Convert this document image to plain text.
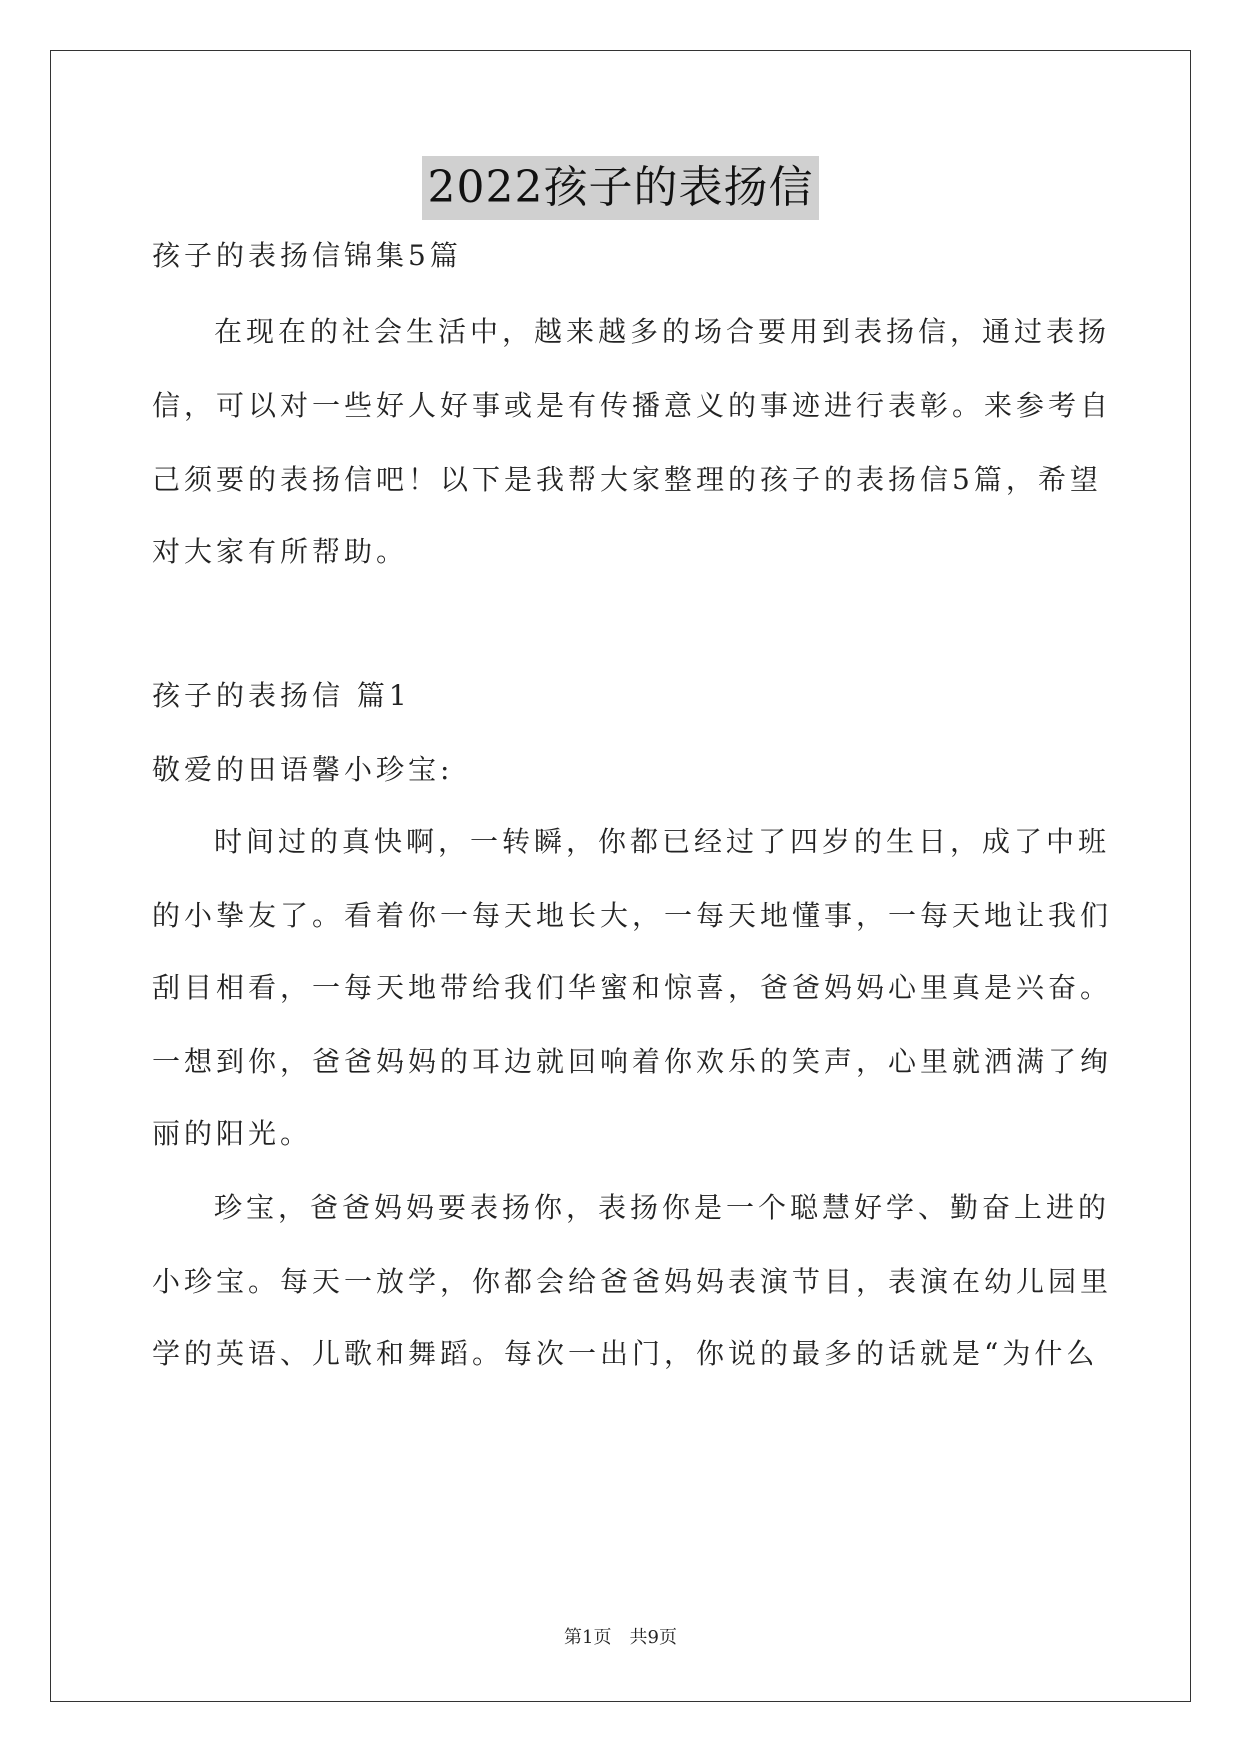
2022孩子的表扬信
孩子的表扬信锦集5篇
在现在的社会生活中，越来越多的场合要用到表扬信，通过表扬
信，可以对一些好人好事或是有传播意义的事迹进行表彰。来参考自
己须要的表扬信吧！以下是我帮大家整理的孩子的表扬信5篇，希望
对大家有所帮助。
孩子的表扬信 篇1
敬爱的田语馨小珍宝:
时间过的真快啊，一转瞬，你都已经过了四岁的生日，成了中班
的小挚友了。看着你一每天地长大，一每天地懂事，一每天地让我们
刮目相看，一每天地带给我们华蜜和惊喜，爸爸妈妈心里真是兴奋。
一想到你，爸爸妈妈的耳边就回响着你欢乐的笑声，心里就洒满了绚
丽的阳光。
珍宝，爸爸妈妈要表扬你，表扬你是一个聪慧好学、勤奋上进的
小珍宝。每天一放学，你都会给爸爸妈妈表演节目，表演在幼儿园里
学的英语、儿歌和舞蹈。每次一出门，你说的最多的话就是“为什么
第1页　共9页
